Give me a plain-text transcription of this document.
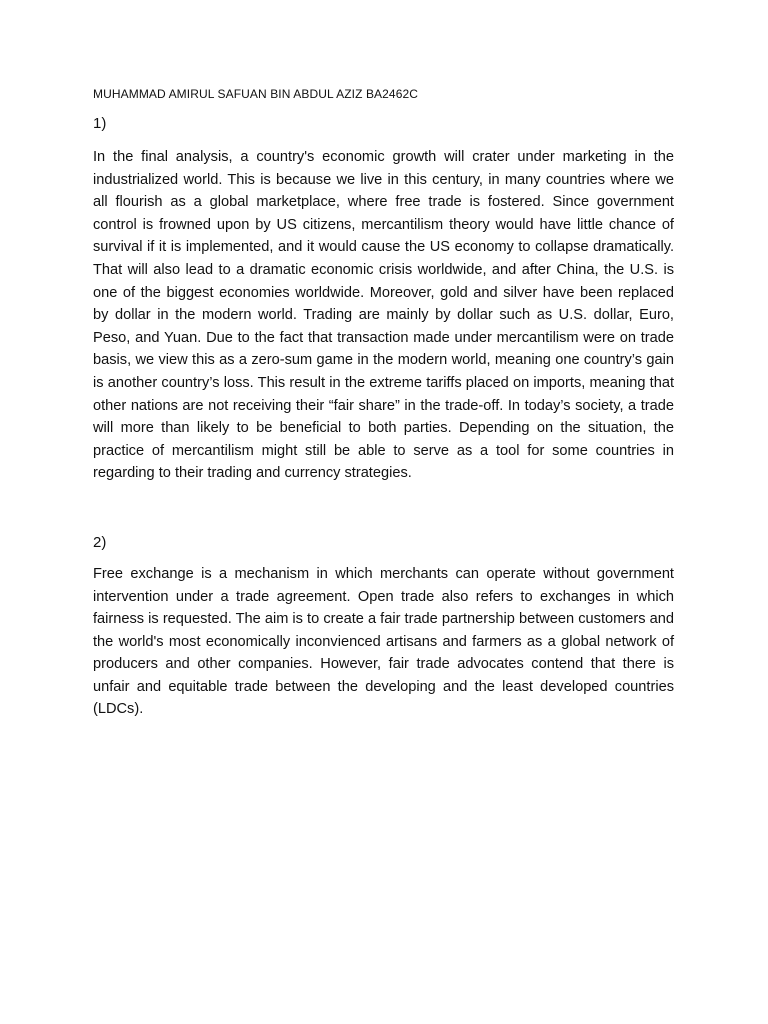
MUHAMMAD AMIRUL SAFUAN BIN ABDUL AZIZ BA2462C
1)

In the final analysis, a country's economic growth will crater under marketing in the industrialized world. This is because we live in this century, in many countries where we all flourish as a global marketplace, where free trade is fostered. Since government control is frowned upon by US citizens, mercantilism theory would have little chance of survival if it is implemented, and it would cause the US economy to collapse dramatically. That will also lead to a dramatic economic crisis worldwide, and after China, the U.S. is one of the biggest economies worldwide. Moreover, gold and silver have been replaced by dollar in the modern world. Trading are mainly by dollar such as U.S. dollar, Euro, Peso, and Yuan. Due to the fact that transaction made under mercantilism were on trade basis, we view this as a zero-sum game in the modern world, meaning one country’s gain is another country’s loss. This result in the extreme tariffs placed on imports, meaning that other nations are not receiving their “fair share” in the trade-off. In today’s society, a trade will more than likely to be beneficial to both parties. Depending on the situation, the practice of mercantilism might still be able to serve as a tool for some countries in regarding to their trading and currency strategies.

2)

Free exchange is a mechanism in which merchants can operate without government intervention under a trade agreement. Open trade also refers to exchanges in which fairness is requested. The aim is to create a fair trade partnership between customers and the world's most economically inconvienced artisans and farmers as a global network of producers and other companies. However, fair trade advocates contend that there is unfair and equitable trade between the developing and the least developed countries (LDCs).
